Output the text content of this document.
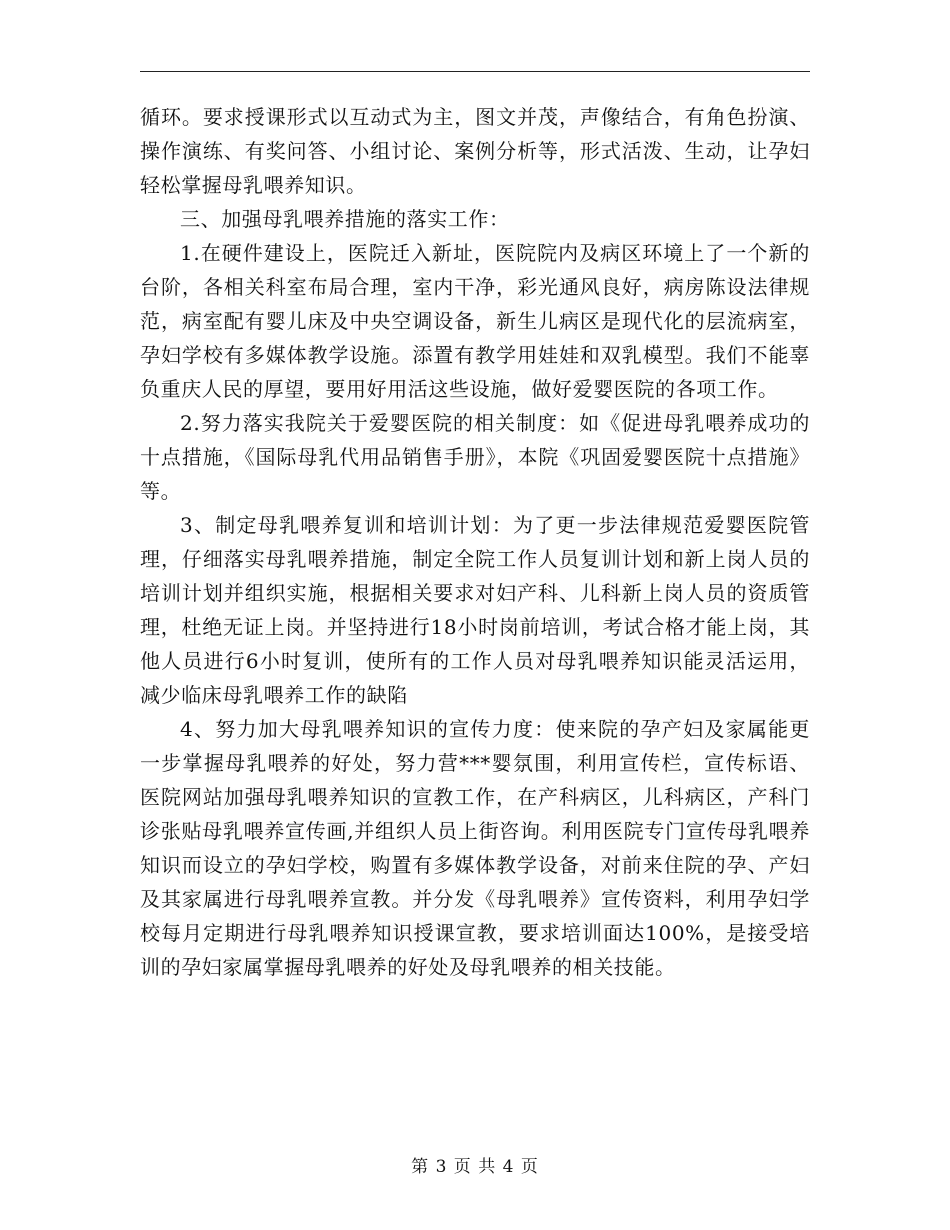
循环。要求授课形式以互动式为主，图文并茂，声像结合，有角色扮演、操作演练、有奖问答、小组讨论、案例分析等，形式活泼、生动，让孕妇轻松掌握母乳喂养知识。

三、加强母乳喂养措施的落实工作：

1.在硬件建设上，医院迁入新址，医院院内及病区环境上了一个新的台阶，各相关科室布局合理，室内干净，彩光通风良好，病房陈设法律规范，病室配有婴儿床及中央空调设备，新生儿病区是现代化的层流病室，孕妇学校有多媒体教学设施。添置有教学用娃娃和双乳模型。我们不能辜负重庆人民的厚望，要用好用活这些设施，做好爱婴医院的各项工作。

2.努力落实我院关于爱婴医院的相关制度：如《促进母乳喂养成功的十点措施，《国际母乳代用品销售手册》，本院《巩固爱婴医院十点措施》等。

3、制定母乳喂养复训和培训计划：为了更一步法律规范爱婴医院管理，仔细落实母乳喂养措施，制定全院工作人员复训计划和新上岗人员的培训计划并组织实施，根据相关要求对妇产科、儿科新上岗人员的资质管理，杜绝无证上岗。并坚持进行18小时岗前培训，考试合格才能上岗，其他人员进行6小时复训，使所有的工作人员对母乳喂养知识能灵活运用，减少临床母乳喂养工作的缺陷

4、努力加大母乳喂养知识的宣传力度：使来院的孕产妇及家属能更一步掌握母乳喂养的好处，努力营***婴氛围，利用宣传栏，宣传标语、医院网站加强母乳喂养知识的宣教工作，在产科病区，儿科病区，产科门诊张贴母乳喂养宣传画,并组织人员上街咨询。利用医院专门宣传母乳喂养知识而设立的孕妇学校，购置有多媒体教学设备，对前来住院的孕、产妇及其家属进行母乳喂养宣教。并分发《母乳喂养》宣传资料，利用孕妇学校每月定期进行母乳喂养知识授课宣教，要求培训面达100%，是接受培训的孕妇家属掌握母乳喂养的好处及母乳喂养的相关技能。

第 3 页 共 4 页
